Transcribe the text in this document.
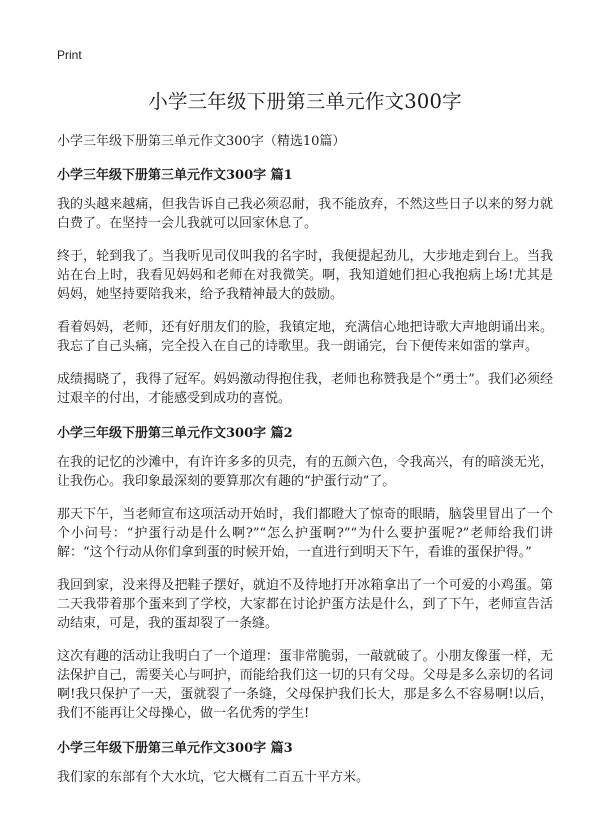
Print
小学三年级下册第三单元作文300字
小学三年级下册第三单元作文300字（精选10篇）
小学三年级下册第三单元作文300字 篇1

我的头越来越痛，但我告诉自己我必须忍耐，我不能放弃，不然这些日子以来的努力就白费了。在坚持一会儿我就可以回家休息了。

终于，轮到我了。当我听见司仪叫我的名字时，我便提起劲儿，大步地走到台上。当我站在台上时，我看见妈妈和老师在对我微笑。啊，我知道她们担心我抱病上场!尤其是妈妈，她坚持要陪我来，给予我精神最大的鼓励。

看着妈妈，老师，还有好朋友们的脸，我镇定地，充满信心地把诗歌大声地朗诵出来。我忘了自己头痛，完全投入在自己的诗歌里。我一朗诵完，台下便传来如雷的掌声。

成绩揭晓了，我得了冠军。妈妈激动得抱住我，老师也称赞我是个“勇士”。我们必须经过艰辛的付出，才能感受到成功的喜悦。

小学三年级下册第三单元作文300字 篇2

在我的记忆的沙滩中，有许许多多的贝壳，有的五颜六色，令我高兴，有的暗淡无光，让我伤心。我印象最深刻的要算那次有趣的“护蛋行动”了。

那天下午，当老师宣布这项活动开始时，我们都瞪大了惊奇的眼睛，脑袋里冒出了一个个小问号：“护蛋行动是什么啊?”“怎么护蛋啊?”“为什么要护蛋呢?”老师给我们讲解：“这个行动从你们拿到蛋的时候开始，一直进行到明天下午，看谁的蛋保护得。”

我回到家，没来得及把鞋子摆好，就迫不及待地打开冰箱拿出了一个可爱的小鸡蛋。第二天我带着那个蛋来到了学校，大家都在讨论护蛋方法是什么，到了下午，老师宣告活动结束，可是，我的蛋却裂了一条缝。

这次有趣的活动让我明白了一个道理：蛋非常脆弱，一敲就破了。小朋友像蛋一样，无法保护自己，需要关心与呵护，而能给我们这一切的只有父母。父母是多么亲切的名词啊!我只保护了一天，蛋就裂了一条缝，父母保护我们长大，那是多么不容易啊!以后，我们不能再让父母操心，做一名优秀的学生!

小学三年级下册第三单元作文300字 篇3

我们家的东部有个大水坑，它大概有二百五十平方米。
